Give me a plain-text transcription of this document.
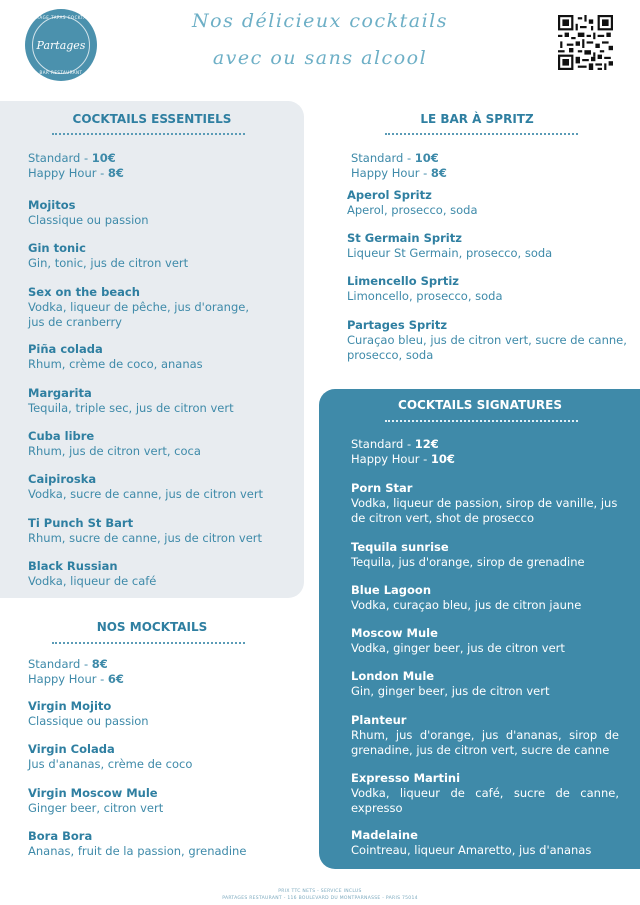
PARTAGE TAPAS COCKTAILS
Partages
BAR RESTAURANT
Nos délicieux cocktails
avec ou sans alcool
COCKTAILS ESSENTIELS
Standard - 10€
Happy Hour - 8€
Mojitos
Classique ou passion
Gin tonic
Gin, tonic, jus de citron vert
Sex on the beach
Vodka, liqueur de pêche, jus d'orange, jus de cranberry
Piña colada
Rhum, crème de coco, ananas
Margarita
Tequila, triple sec, jus de citron vert
Cuba libre
Rhum, jus de citron vert, coca
Caipiroska
Vodka, sucre de canne, jus de citron vert
Ti Punch St Bart
Rhum, sucre de canne, jus de citron vert
Black Russian
Vodka, liqueur de café
NOS MOCKTAILS
Standard - 8€
Happy Hour - 6€
Virgin Mojito
Classique ou passion
Virgin Colada
Jus d'ananas, crème de coco
Virgin Moscow Mule
Ginger beer, citron vert
Bora Bora
Ananas, fruit de la passion, grenadine
LE BAR À SPRITZ
Standard - 10€
Happy Hour - 8€
Aperol Spritz
Aperol, prosecco, soda
St Germain Spritz
Liqueur St Germain, prosecco, soda
Limencello Sprtiz
Limoncello, prosecco, soda
Partages Spritz
Curaçao bleu, jus de citron vert, sucre de canne, prosecco, soda
COCKTAILS SIGNATURES
Standard - 12€
Happy Hour - 10€
Porn Star
Vodka, liqueur de passion, sirop de vanille, jus de citron vert, shot de prosecco
Tequila sunrise
Tequila, jus d'orange, sirop de grenadine
Blue Lagoon
Vodka, curaçao bleu, jus de citron jaune
Moscow Mule
Vodka, ginger beer, jus de citron vert
London Mule
Gin, ginger beer, jus de citron vert
Planteur
Rhum, jus d'orange, jus d'ananas, sirop de grenadine, jus de citron vert, sucre de canne
Expresso Martini
Vodka, liqueur de café, sucre de canne, expresso
Madelaine
Cointreau, liqueur Amaretto, jus d'ananas
PRIX TTC NETS - SERVICE INCLUS
PARTAGES RESTAURANT - 116 BOULEVARD DU MONTPARNASSE - PARIS 75014
